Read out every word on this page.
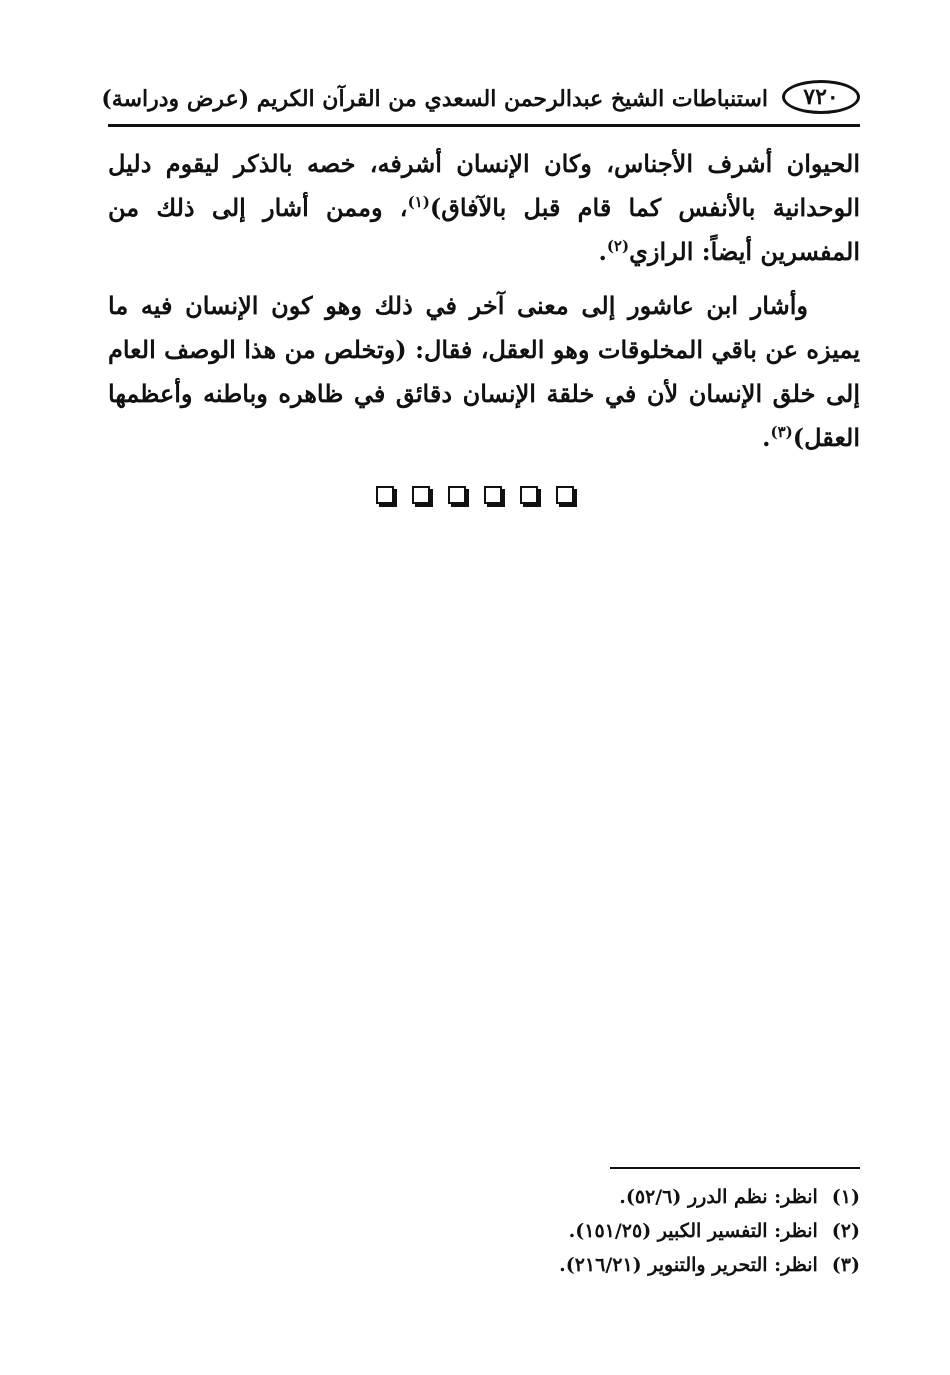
٧٢٠
استنباطات الشيخ عبدالرحمن السعدي من القرآن الكريم (عرض ودراسة)

الحيوان أشرف الأجناس، وكان الإنسان أشرفه، خصه بالذكر ليقوم دليل الوحدانية بالأنفس كما قام قبل بالآفاق)$^{(١)}$، وممن أشار إلى ذلك من المفسرين أيضاً: الرازي$^{(٢)}$.

وأشار ابن عاشور إلى معنى آخر في ذلك وهو كون الإنسان فيه ما يميزه عن باقي المخلوقات وهو العقل، فقال: (وتخلص من هذا الوصف العام إلى خلق الإنسان لأن في خلقة الإنسان دقائق في ظاهره وباطنه وأعظمها العقل)$^{(٣)}$.

(١)انظر: نظم الدرر (٥٢/٦).
(٢)انظر: التفسير الكبير (١٥١/٢٥).
(٣)انظر: التحرير والتنوير (٢١٦/٢١).
